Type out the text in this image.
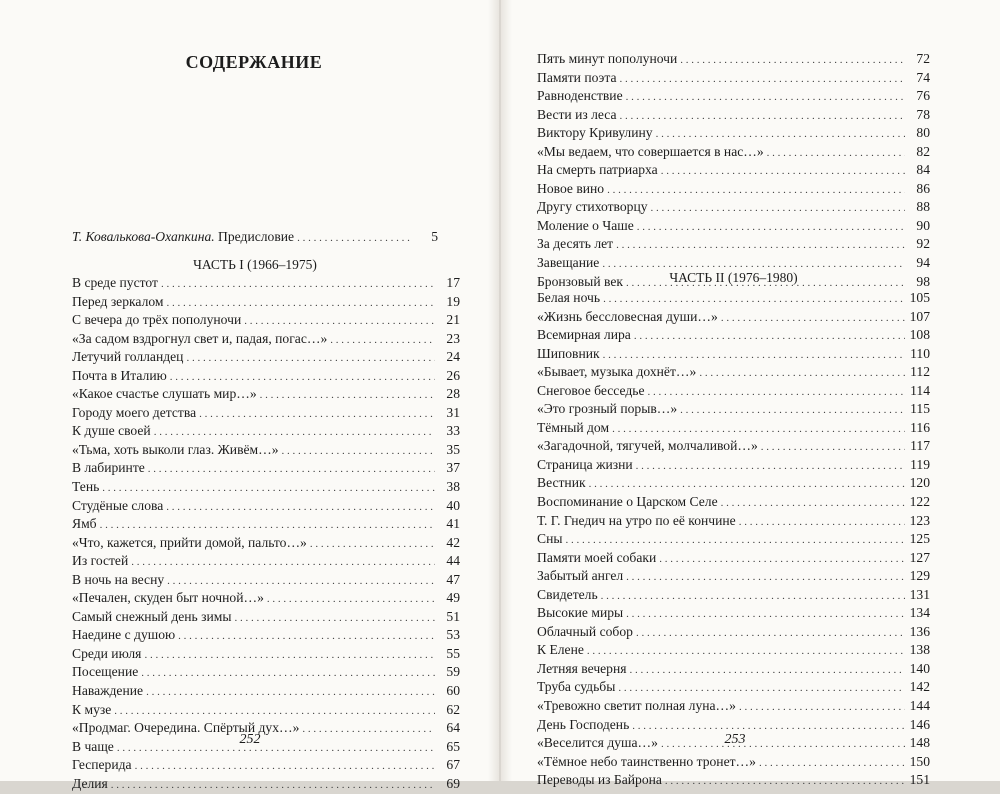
СОДЕРЖАНИЕ
Т. Ковалькова-Охапкина. Предисловие . . .	5
ЧАСТЬ I (1966–1975)
В среде пустот . . .	17
Перед зеркалом . . .	19
С вечера до трёх пополуночи . . .	21
«За садом вздрогнул свет и, падая, погас…» . . .	23
Летучий голландец . . .	24
Почта в Италию . . .	26
«Какое счастье слушать мир…» . . .	28
Городу моего детства . . .	31
К душе своей . . .	33
«Тьма, хоть выколи глаз. Живём…» . . .	35
В лабиринте . . .	37
Тень . . .	38
Студёные слова . . .	40
Ямб . . .	41
«Что, кажется, прийти домой, пальто…» . . .	42
Из гостей . . .	44
В ночь на весну . . .	47
«Печален, скуден быт ночной…» . . .	49
Самый снежный день зимы . . .	51
Наедине с душою . . .	53
Среди июля . . .	55
Посещение . . .	59
Наваждение . . .	60
К музе . . .	62
«Продмаг. Очередина. Спёртый дух…» . . .	64
В чаще . . .	65
Гесперида . . .	67
Делия . . .	69
252
Пять минут пополуночи . . .	72
Памяти поэта . . .	74
Равноденствие . . .	76
Вести из леса . . .	78
Виктору Кривулину . . .	80
«Мы ведаем, что совершается в нас…» . . .	82
На смерть патриарха . . .	84
Новое вино . . .	86
Другу стихотворцу . . .	88
Моление о Чаше . . .	90
За десять лет . . .	92
Завещание . . .	94
Бронзовый век . . .	98
ЧАСТЬ II (1976–1980)
Белая ночь . . .	105
«Жизнь бессловесная души…» . . .	107
Всемирная лира . . .	108
Шиповник . . .	110
«Бывает, музыка дохнёт…» . . .	112
Снеговое бесседье . . .	114
«Это грозный порыв…» . . .	115
Тёмный дом . . .	116
«Загадочной, тягучей, молчаливой…» . . .	117
Страница жизни . . .	119
Вестник . . .	120
Воспоминание о Царском Селе . . .	122
Т. Г. Гнедич на утро по её кончине . . .	123
Сны . . .	125
Памяти моей собаки . . .	127
Забытый ангел . . .	129
Свидетель . . .	131
Высокие миры . . .	134
Облачный собор . . .	136
К Елене . . .	138
Летняя вечерня . . .	140
Труба судьбы . . .	142
«Тревожно светит полная луна…» . . .	144
День Господень . . .	146
«Веселится душа…» . . .	148
«Тёмное небо таинственно тронет…» . . .	150
Переводы из Байрона . . .	151
253
